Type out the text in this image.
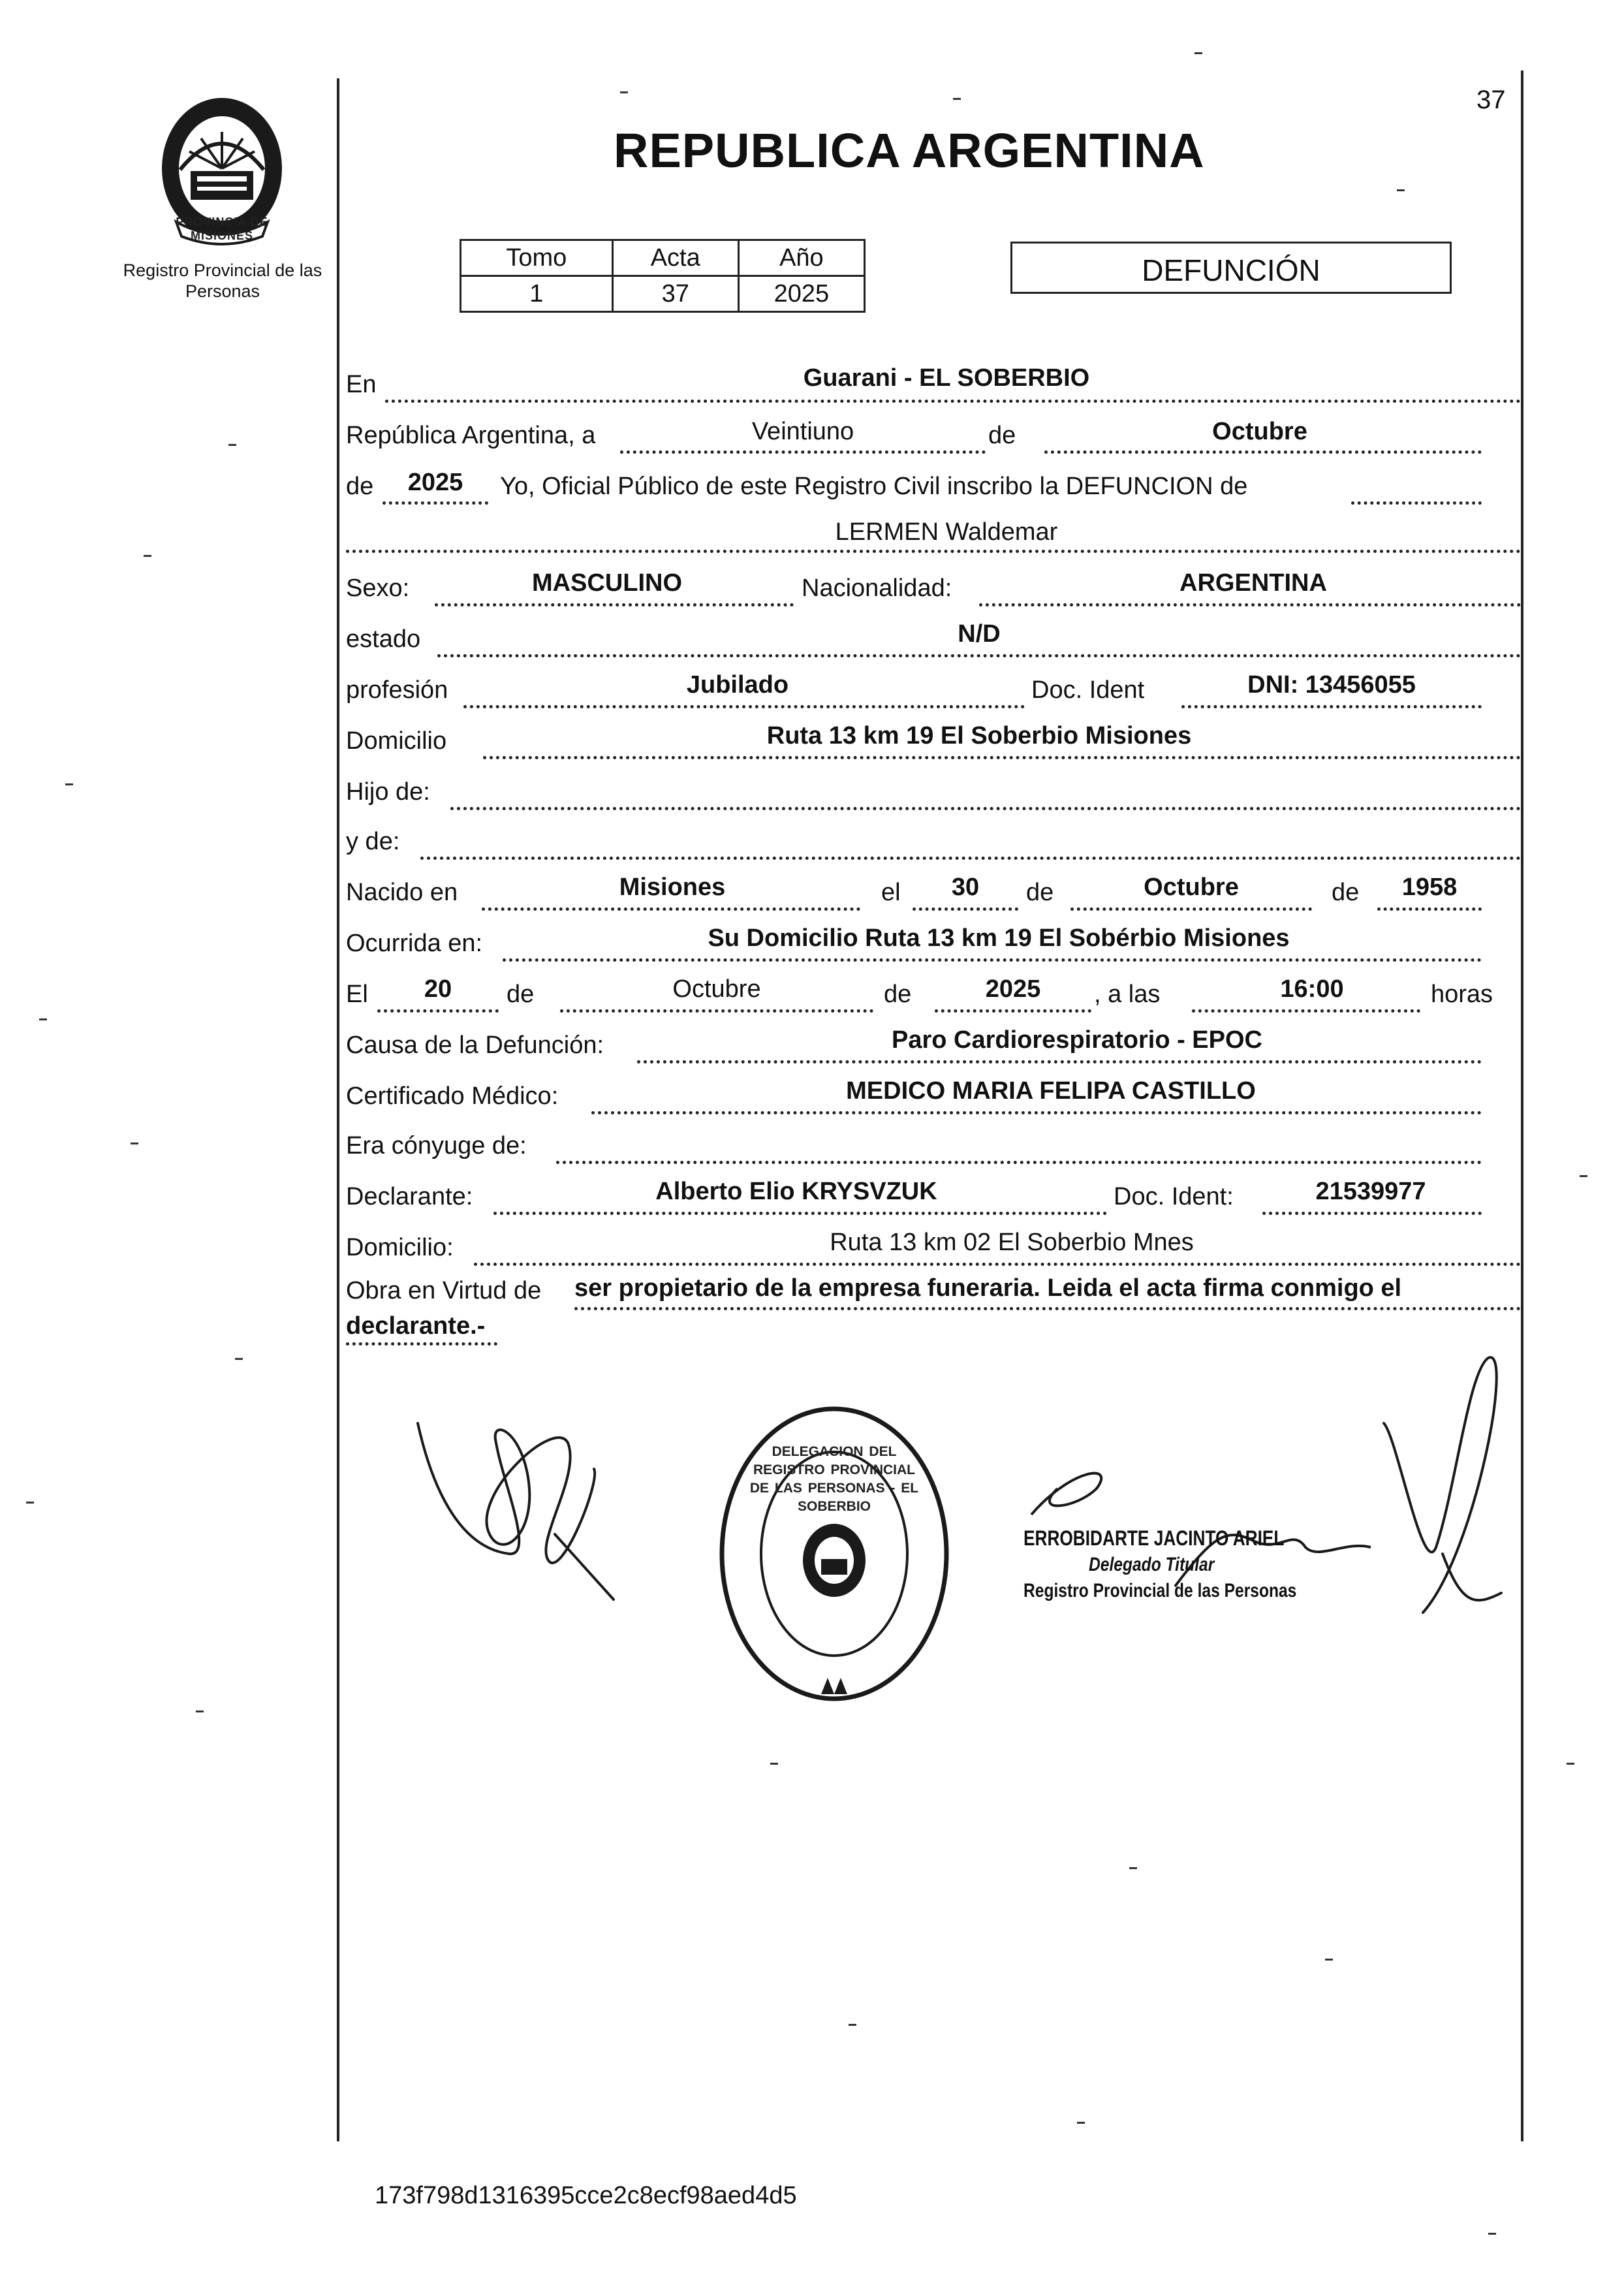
37
PROVINCIA DE MISIONES
Registro Provincial de las Personas
REPUBLICA ARGENTINA
Tomo	Acta	Año
1	37	2025
DEFUNCIÓN
En	Guarani - EL SOBERBIO
República Argentina, a	Veintiuno	de	Octubre
de	2025	Yo, Oficial Público de este Registro Civil inscribo la DEFUNCION de
LERMEN Waldemar
Sexo:	MASCULINO	Nacionalidad:	ARGENTINA
estado	N/D
profesión	Jubilado	Doc. Ident	DNI: 13456055
Domicilio	Ruta 13 km 19 El Soberbio Misiones
Hijo de:
y de:
Nacido en	Misiones	el	30	de	Octubre	de	1958
Ocurrida en:	Su Domicilio Ruta 13 km 19 El Sobérbio Misiones
El	20	de	Octubre	de	2025	, a las	16:00	horas
Causa de la Defunción:	Paro Cardiorespiratorio - EPOC
Certificado Médico:	MEDICO MARIA FELIPA CASTILLO
Era cónyuge de:
Declarante:	Alberto Elio KRYSVZUK	Doc. Ident:	21539977
Domicilio:	Ruta 13 km 02 El Soberbio Mnes
Obra en Virtud de ser propietario de la empresa funeraria. Leida el acta firma conmigo el
declarante.-
DELEGACION DEL REGISTRO PROVINCIAL DE LAS PERSONAS - EL SOBERBIO
ERROBIDARTE JACINTO ARIEL
Delegado Titular
Registro Provincial de las Personas
173f798d1316395cce2c8ecf98aed4d5
